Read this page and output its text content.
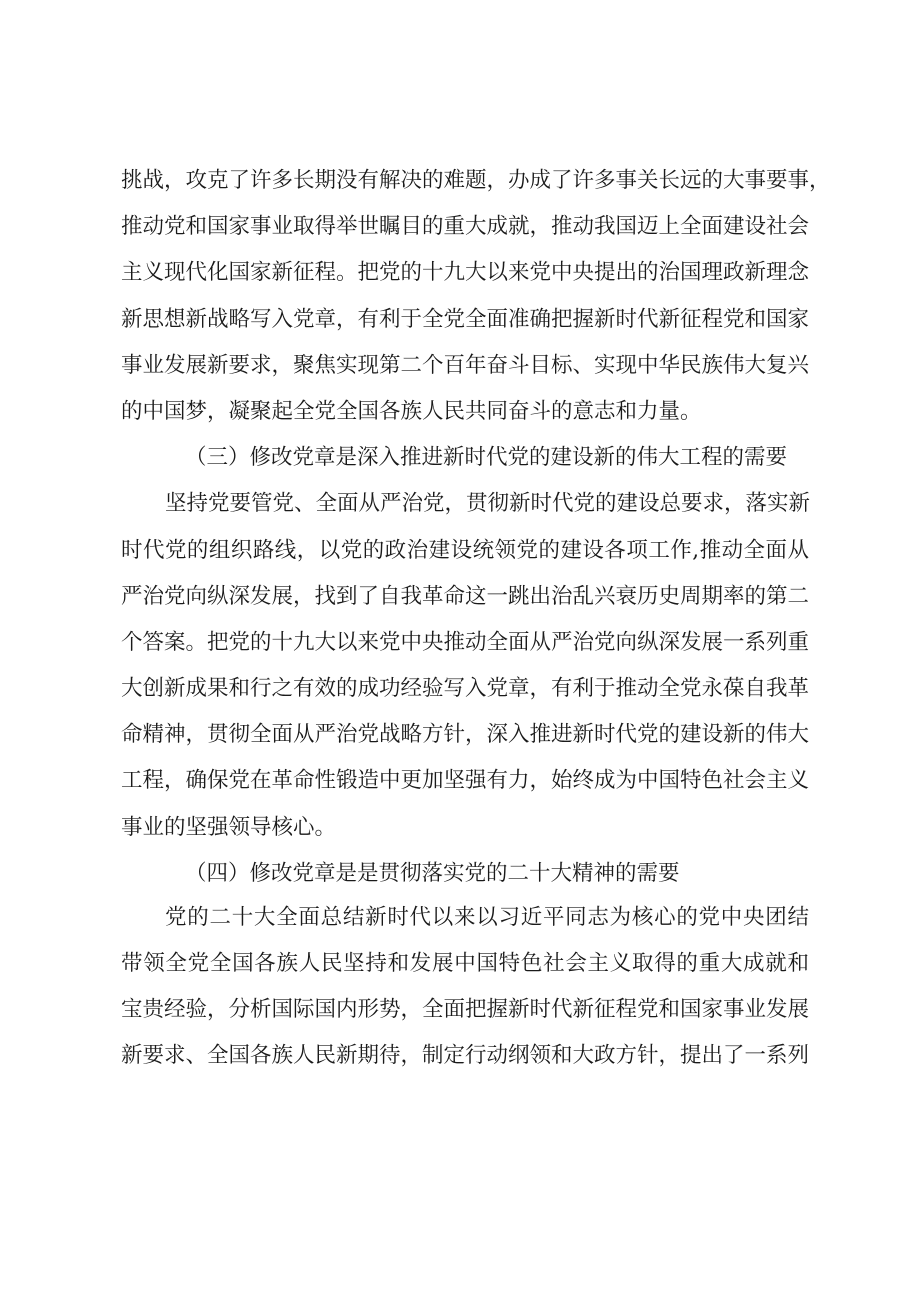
挑战，攻克了许多长期没有解决的难题，办成了许多事关长远的大事要事，
推动党和国家事业取得举世瞩目的重大成就，推动我国迈上全面建设社会
主义现代化国家新征程。把党的十九大以来党中央提出的治国理政新理念
新思想新战略写入党章，有利于全党全面准确把握新时代新征程党和国家
事业发展新要求，聚焦实现第二个百年奋斗目标、实现中华民族伟大复兴
的中国梦，凝聚起全党全国各族人民共同奋斗的意志和力量。
（三）修改党章是深入推进新时代党的建设新的伟大工程的需要
坚持党要管党、全面从严治党，贯彻新时代党的建设总要求，落实新
时代党的组织路线，以党的政治建设统领党的建设各项工作,推动全面从
严治党向纵深发展，找到了自我革命这一跳出治乱兴衰历史周期率的第二
个答案。把党的十九大以来党中央推动全面从严治党向纵深发展一系列重
大创新成果和行之有效的成功经验写入党章，有利于推动全党永葆自我革
命精神，贯彻全面从严治党战略方针，深入推进新时代党的建设新的伟大
工程，确保党在革命性锻造中更加坚强有力，始终成为中国特色社会主义
事业的坚强领导核心。
（四）修改党章是是贯彻落实党的二十大精神的需要
党的二十大全面总结新时代以来以习近平同志为核心的党中央团结
带领全党全国各族人民坚持和发展中国特色社会主义取得的重大成就和
宝贵经验，分析国际国内形势，全面把握新时代新征程党和国家事业发展
新要求、全国各族人民新期待，制定行动纲领和大政方针，提出了一系列
